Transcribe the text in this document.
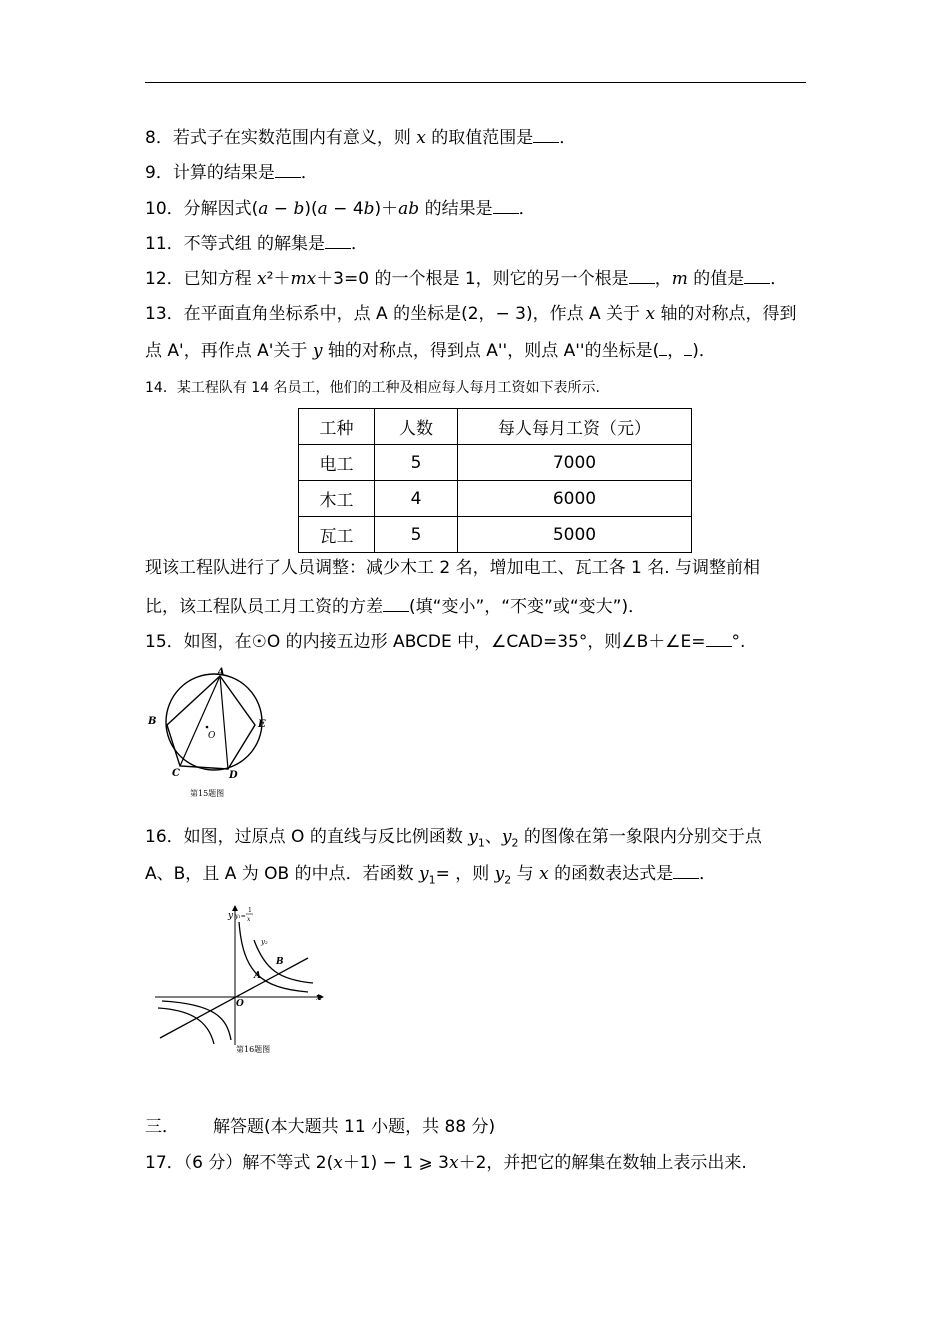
8．若式子在实数范围内有意义，则 x 的取值范围是 ．
9．计算的结果是 ．
10．分解因式(a − b)(a − 4b)＋ab 的结果是 ．
11．不等式组 的解集是 ．
12．已知方程 x²＋mx＋3=0 的一个根是 1，则它的另一个根是 ，m 的值是 ．
13．在平面直角坐标系中，点 A 的坐标是(2，− 3)，作点 A 关于 x 轴的对称点，得到
点 A'，再作点 A'关于 y 轴的对称点，得到点 A''，则点 A''的坐标是( ， )．
14．某工程队有 14 名员工，他们的工种及相应每人每月工资如下表所示.
工种	人数	每人每月工资（元）
电工	5	7000
木工	4	6000
瓦工	5	5000
现该工程队进行了人员调整：减少木工 2 名，增加电工、瓦工各 1 名. 与调整前相
比，该工程队员工月工资的方差 (填“变小”，“不变”或“变大”)．
15．如图，在☉O 的内接五边形 ABCDE 中，∠CAD=35°，则∠B＋∠E= °.
A
B
C	D
E
O
第15题图
16．如图，过原点 O 的直线与反比例函数 $y_1$、$y_2$ 的图像在第一象限内分别交于点
A、B，且 A 为 OB 的中点．若函数 $y_1=$ ，则 $y_2$ 与 x 的函数表达式是 ．
y y₁=
1
x
y₂
A
B
O
x
第16题图
三． 解答题(本大题共 11 小题，共 88 分)
17．（6 分）解不等式 2(x＋1) − 1 ⩾ 3x＋2，并把它的解集在数轴上表示出来.
